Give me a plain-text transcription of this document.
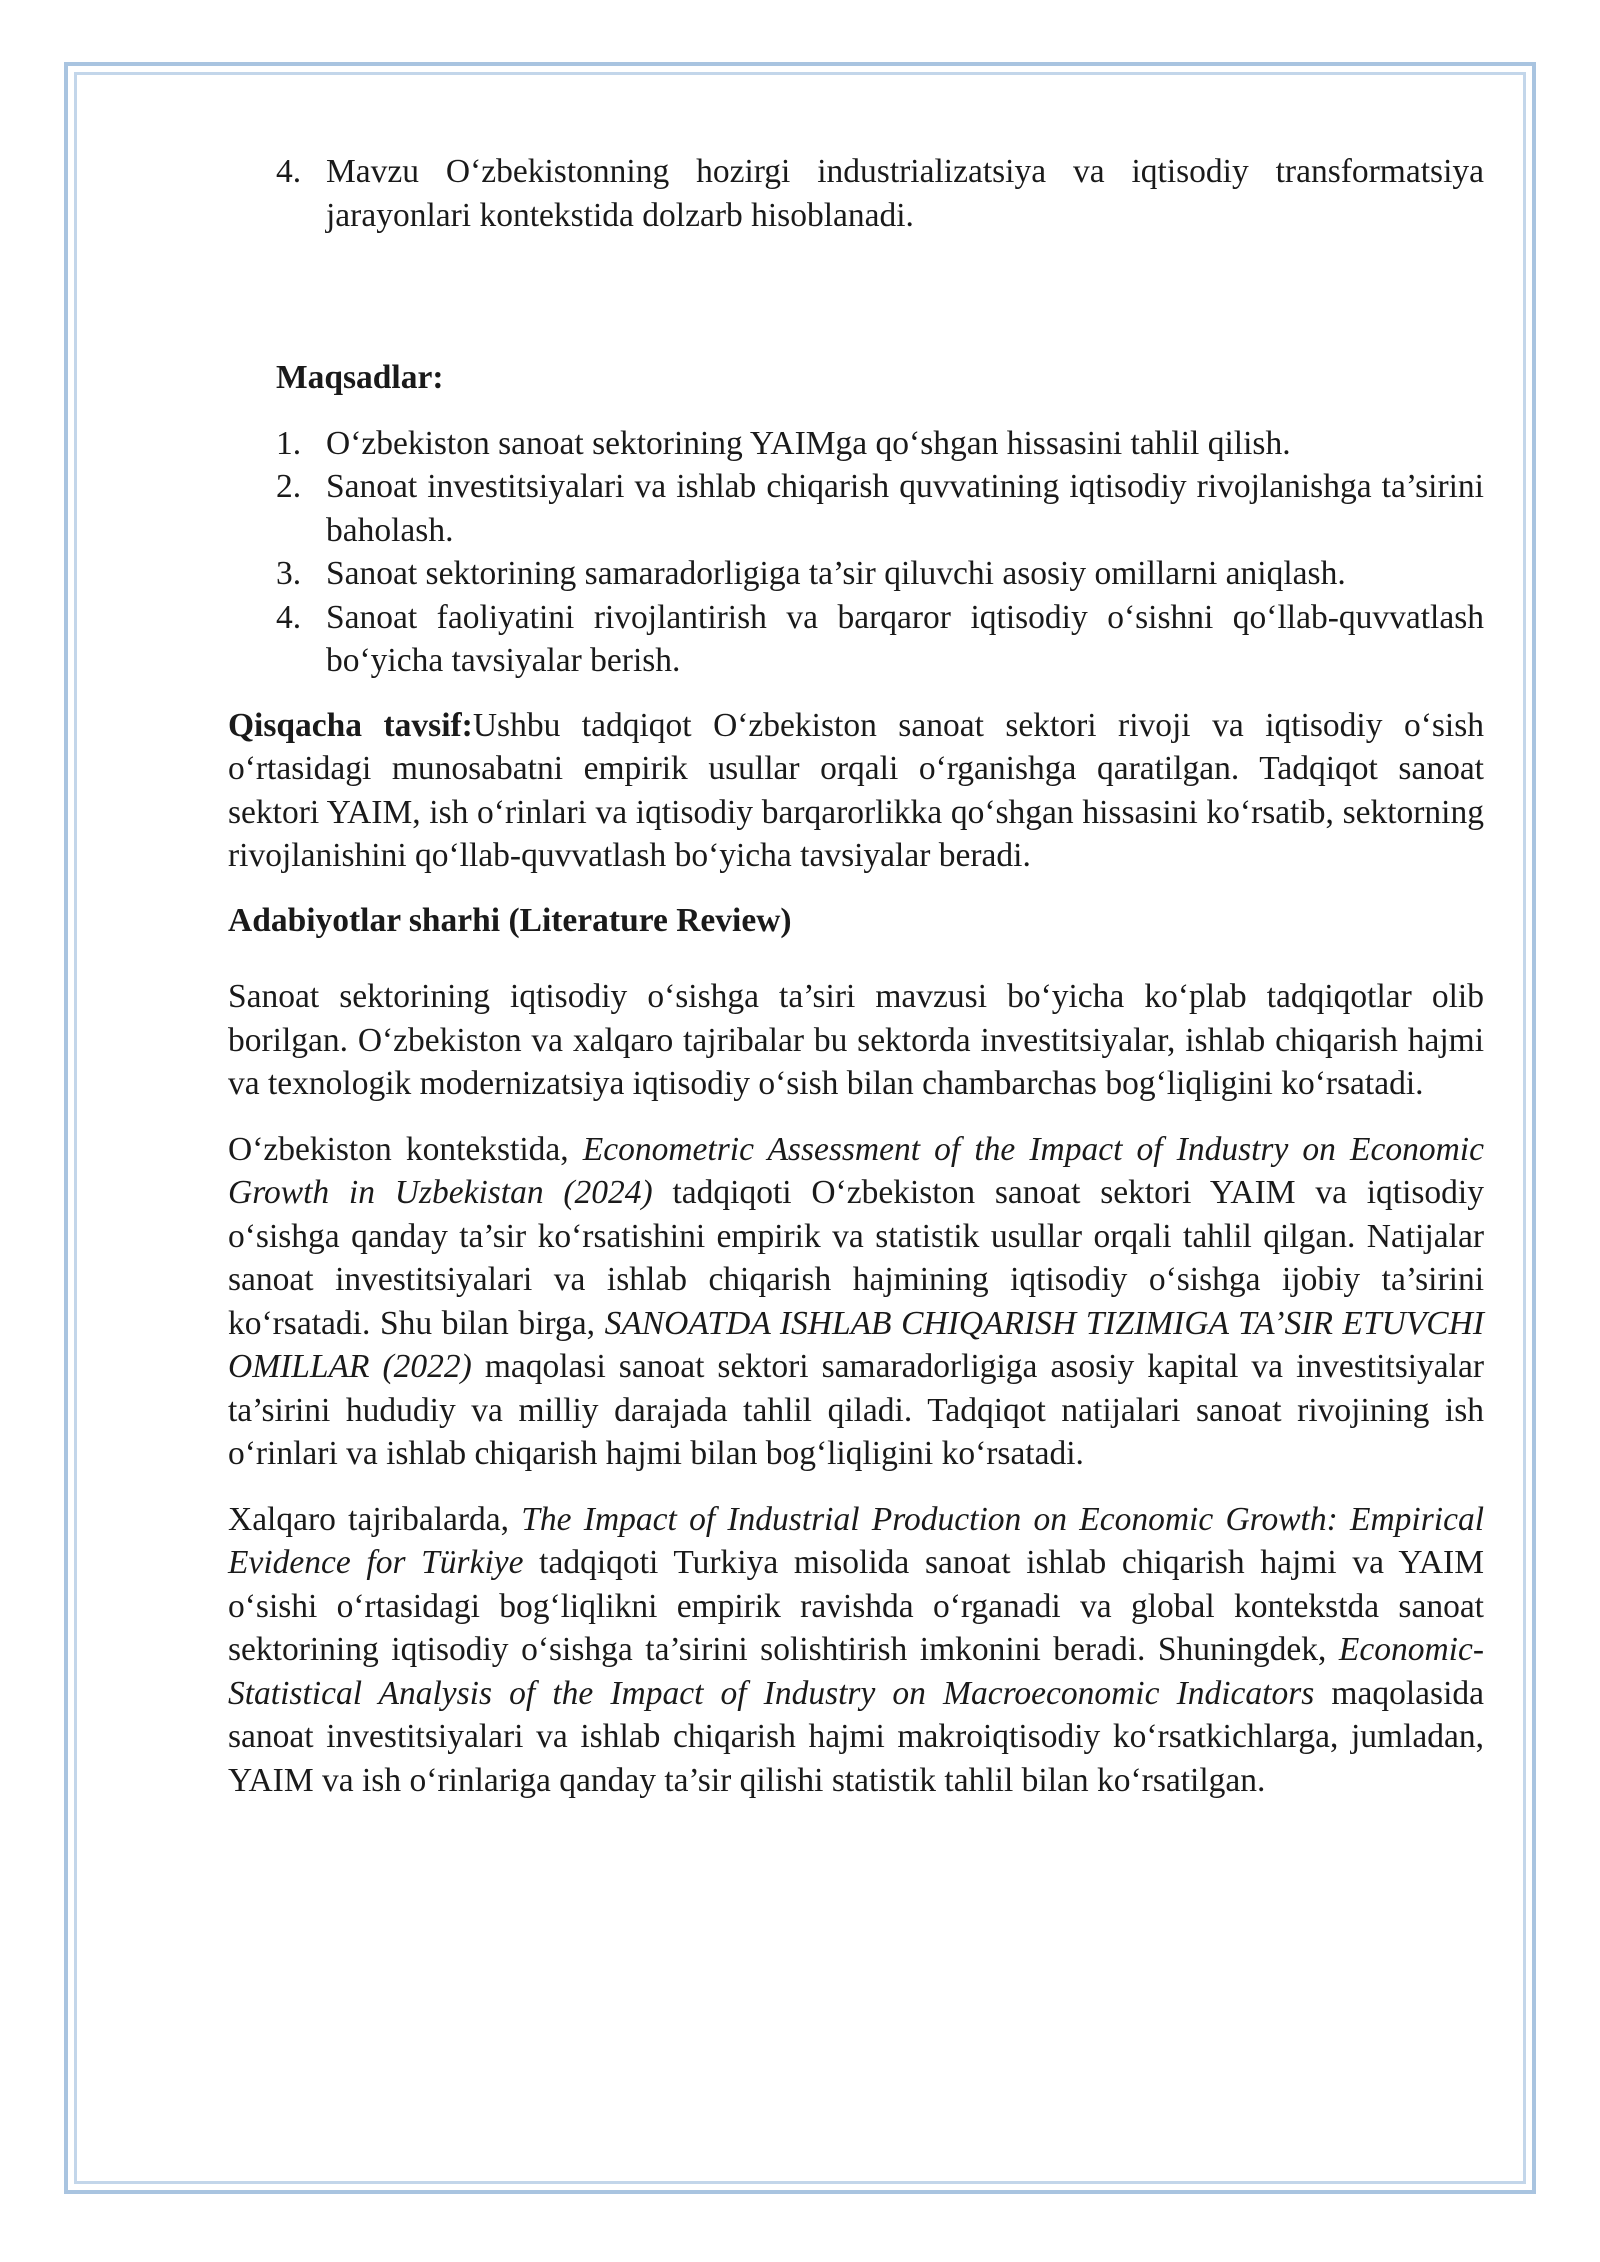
4. Mavzu O‘zbekistonning hozirgi industrializatsiya va iqtisodiy transformatsiya jarayonlari kontekstida dolzarb hisoblanadi.

Maqsadlar:

1. O‘zbekiston sanoat sektorining YAIMga qo‘shgan hissasini tahlil qilish.
2. Sanoat investitsiyalari va ishlab chiqarish quvvatining iqtisodiy rivojlanishga ta’sirini baholash.
3. Sanoat sektorining samaradorligiga ta’sir qiluvchi asosiy omillarni aniqlash.
4. Sanoat faoliyatini rivojlantirish va barqaror iqtisodiy o‘sishni qo‘llab-quvvatlash bo‘yicha tavsiyalar berish.

Qisqacha tavsif:Ushbu tadqiqot O‘zbekiston sanoat sektori rivoji va iqtisodiy o‘sish o‘rtasidagi munosabatni empirik usullar orqali o‘rganishga qaratilgan. Tadqiqot sanoat sektori YAIM, ish o‘rinlari va iqtisodiy barqarorlikka qo‘shgan hissasini ko‘rsatib, sektorning rivojlanishini qo‘llab-quvvatlash bo‘yicha tavsiyalar beradi.

Adabiyotlar sharhi (Literature Review)

Sanoat sektorining iqtisodiy o‘sishga ta’siri mavzusi bo‘yicha ko‘plab tadqiqotlar olib borilgan. O‘zbekiston va xalqaro tajribalar bu sektorda investitsiyalar, ishlab chiqarish hajmi va texnologik modernizatsiya iqtisodiy o‘sish bilan chambarchas bog‘liqligini ko‘rsatadi.

O‘zbekiston kontekstida, Econometric Assessment of the Impact of Industry on Economic Growth in Uzbekistan (2024) tadqiqoti O‘zbekiston sanoat sektori YAIM va iqtisodiy o‘sishga qanday ta’sir ko‘rsatishini empirik va statistik usullar orqali tahlil qilgan. Natijalar sanoat investitsiyalari va ishlab chiqarish hajmining iqtisodiy o‘sishga ijobiy ta’sirini ko‘rsatadi. Shu bilan birga, SANOATDA ISHLAB CHIQARISH TIZIMIGA TA’SIR ETUVCHI OMILLAR (2022) maqolasi sanoat sektori samaradorligiga asosiy kapital va investitsiyalar ta’sirini hududiy va milliy darajada tahlil qiladi. Tadqiqot natijalari sanoat rivojining ish o‘rinlari va ishlab chiqarish hajmi bilan bog‘liqligini ko‘rsatadi.

Xalqaro tajribalarda, The Impact of Industrial Production on Economic Growth: Empirical Evidence for Türkiye tadqiqoti Turkiya misolida sanoat ishlab chiqarish hajmi va YAIM o‘sishi o‘rtasidagi bog‘liqlikni empirik ravishda o‘rganadi va global kontekstda sanoat sektorining iqtisodiy o‘sishga ta’sirini solishtirish imkonini beradi. Shuningdek, Economic-Statistical Analysis of the Impact of Industry on Macroeconomic Indicators maqolasida sanoat investitsiyalari va ishlab chiqarish hajmi makroiqtisodiy ko‘rsatkichlarga, jumladan, YAIM va ish o‘rinlariga qanday ta’sir qilishi statistik tahlil bilan ko‘rsatilgan.
